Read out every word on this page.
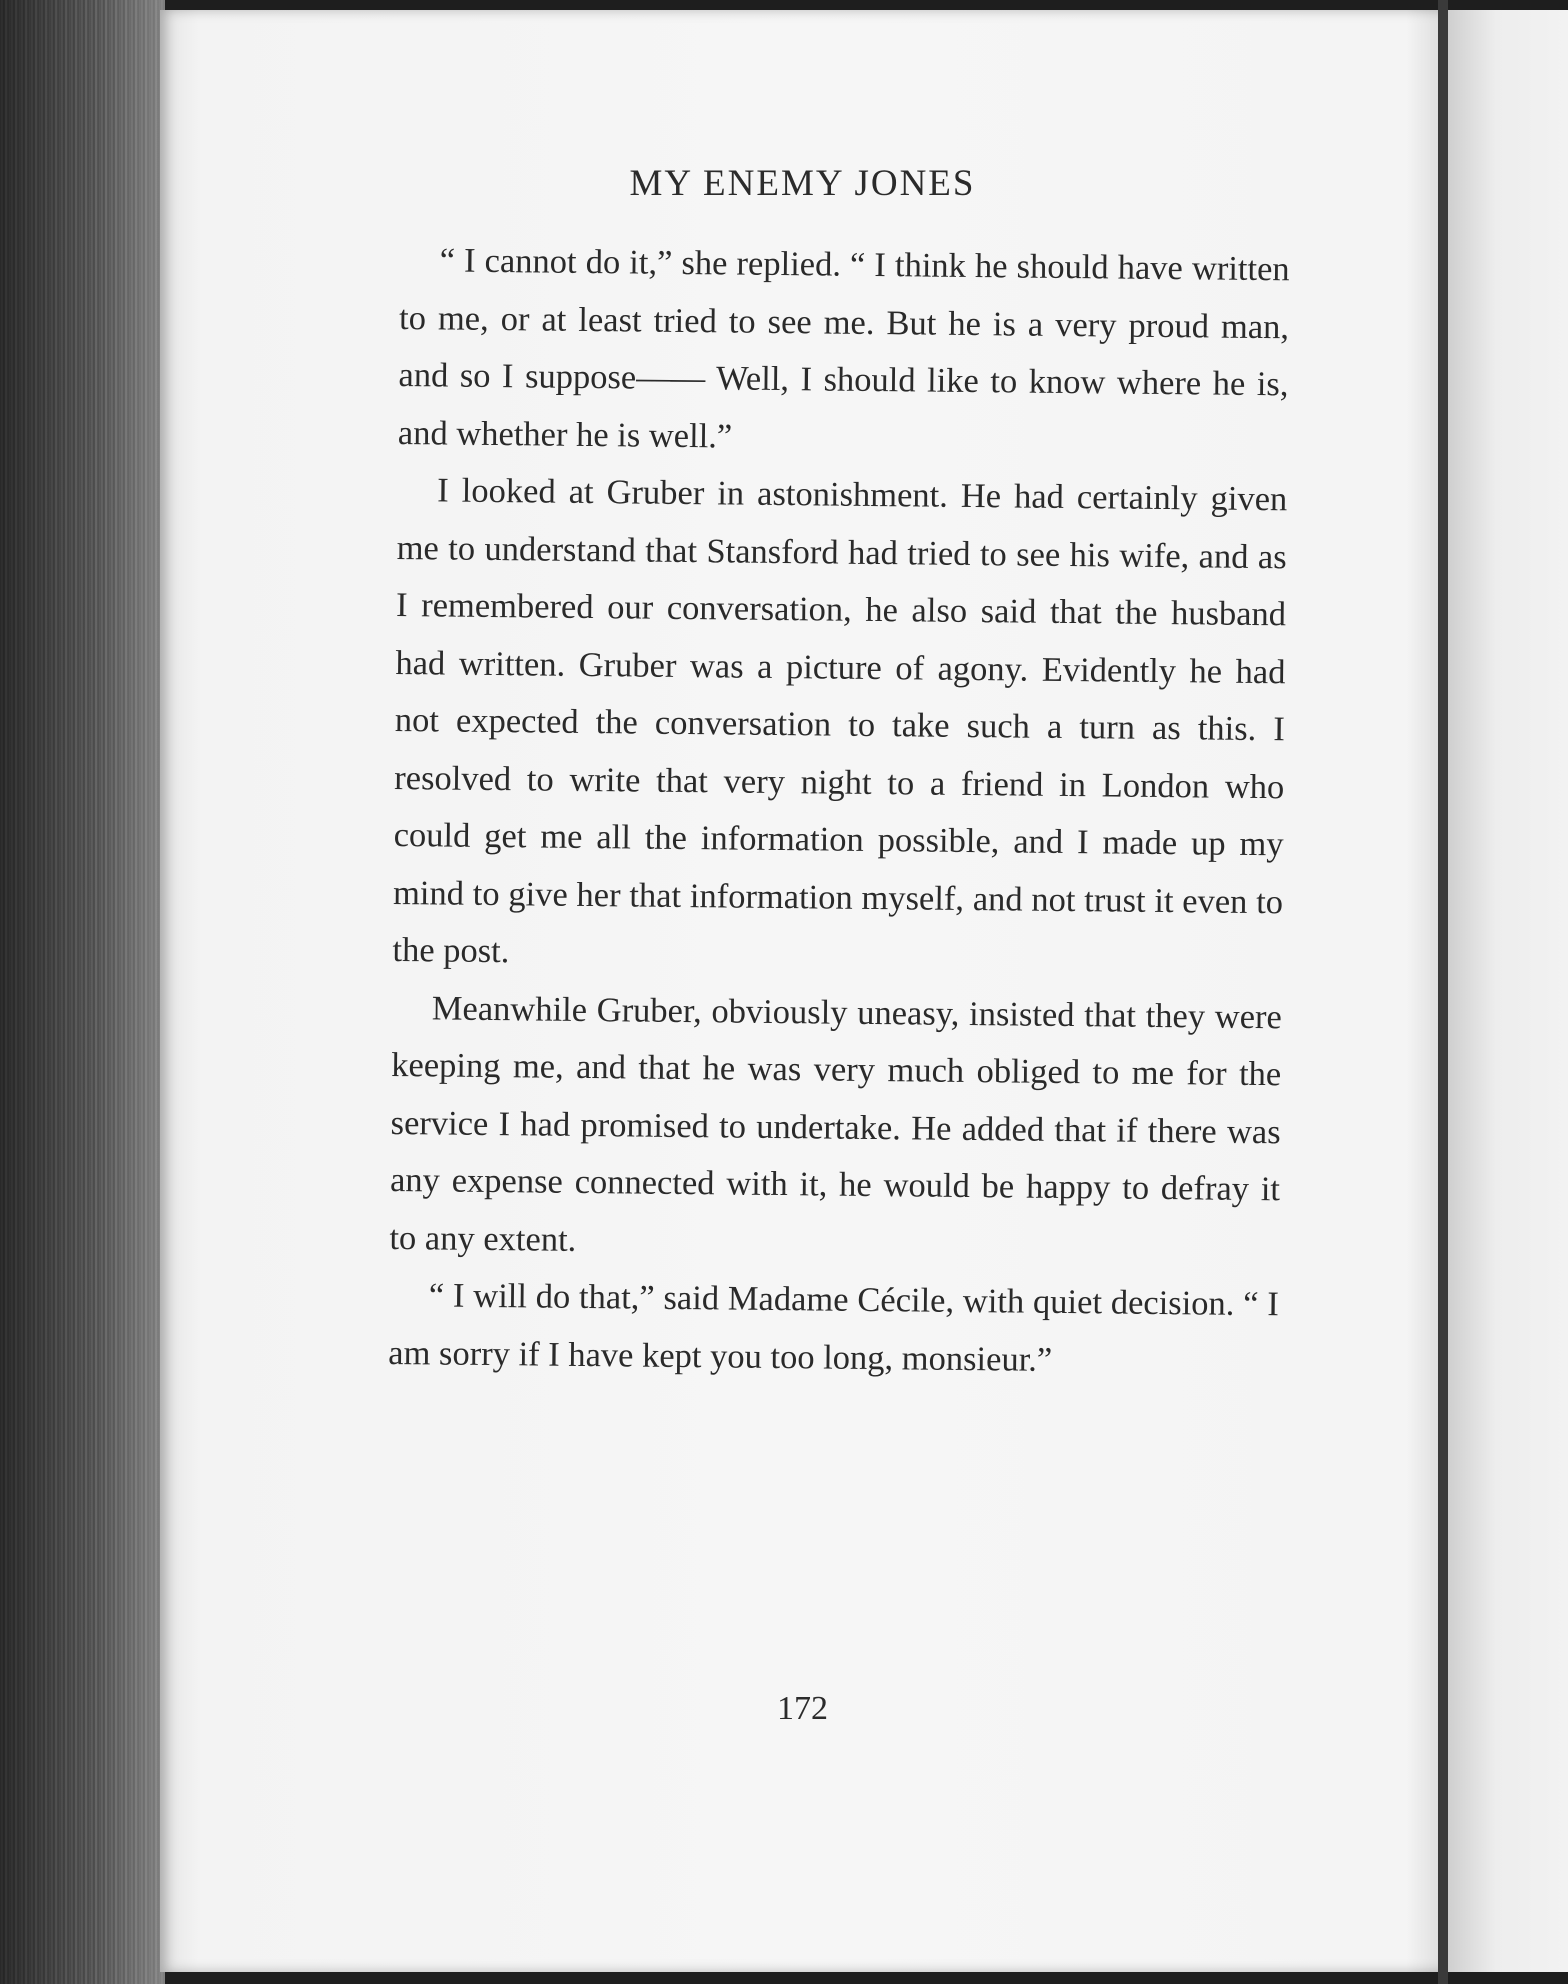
MY ENEMY JONES

“ I cannot do it,” she replied. “ I think he should have written to me, or at least tried to see me. But he is a very proud man, and so I suppose—— Well, I should like to know where he is, and whether he is well.”

I looked at Gruber in astonishment. He had certainly given me to understand that Stansford had tried to see his wife, and as I remembered our conversation, he also said that the husband had written. Gruber was a picture of agony. Evidently he had not expected the conversation to take such a turn as this. I resolved to write that very night to a friend in London who could get me all the information possible, and I made up my mind to give her that information myself, and not trust it even to the post.

Meanwhile Gruber, obviously uneasy, insisted that they were keeping me, and that he was very much obliged to me for the service I had promised to undertake. He added that if there was any expense connected with it, he would be happy to defray it to any extent.

“ I will do that,” said Madame Cécile, with quiet decision. “ I am sorry if I have kept you too long, monsieur.”

172
